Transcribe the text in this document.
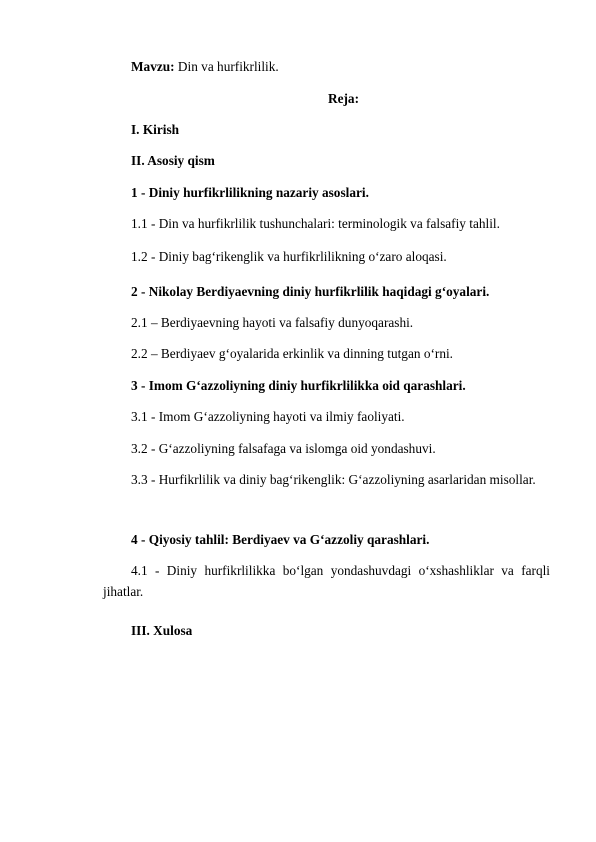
Mavzu: Din va hurfikrlilik.
Reja:
I. Kirish
II. Asosiy qism
1 - Diniy hurfikrlilikning nazariy asoslari.
1.1 - Din va hurfikrlilik tushunchalari: terminologik va falsafiy tahlil.
1.2 - Diniy bag‘rikenglik va hurfikrlilikning o‘zaro aloqasi.
2 - Nikolay Berdiyaevning diniy hurfikrlilik haqidagi g‘oyalari.
2.1 – Berdiyaevning hayoti va falsafiy dunyoqarashi.
2.2 – Berdiyaev g‘oyalarida erkinlik va dinning tutgan o‘rni.
3 - Imom G‘azzoliyning diniy hurfikrlilikka oid qarashlari.
3.1 - Imom G‘azzoliyning hayoti va ilmiy faoliyati.
3.2 - G‘azzoliyning falsafaga va islomga oid yondashuvi.
3.3 - Hurfikrlilik va diniy bag‘rikenglik: G‘azzoliyning asarlaridan misollar.
4 - Qiyosiy tahlil: Berdiyaev va G‘azzoliy qarashlari.
4.1 - Diniy hurfikrlilikka bo‘lgan yondashuvdagi o‘xshashliklar va farqli jihatlar.
III. Xulosa
